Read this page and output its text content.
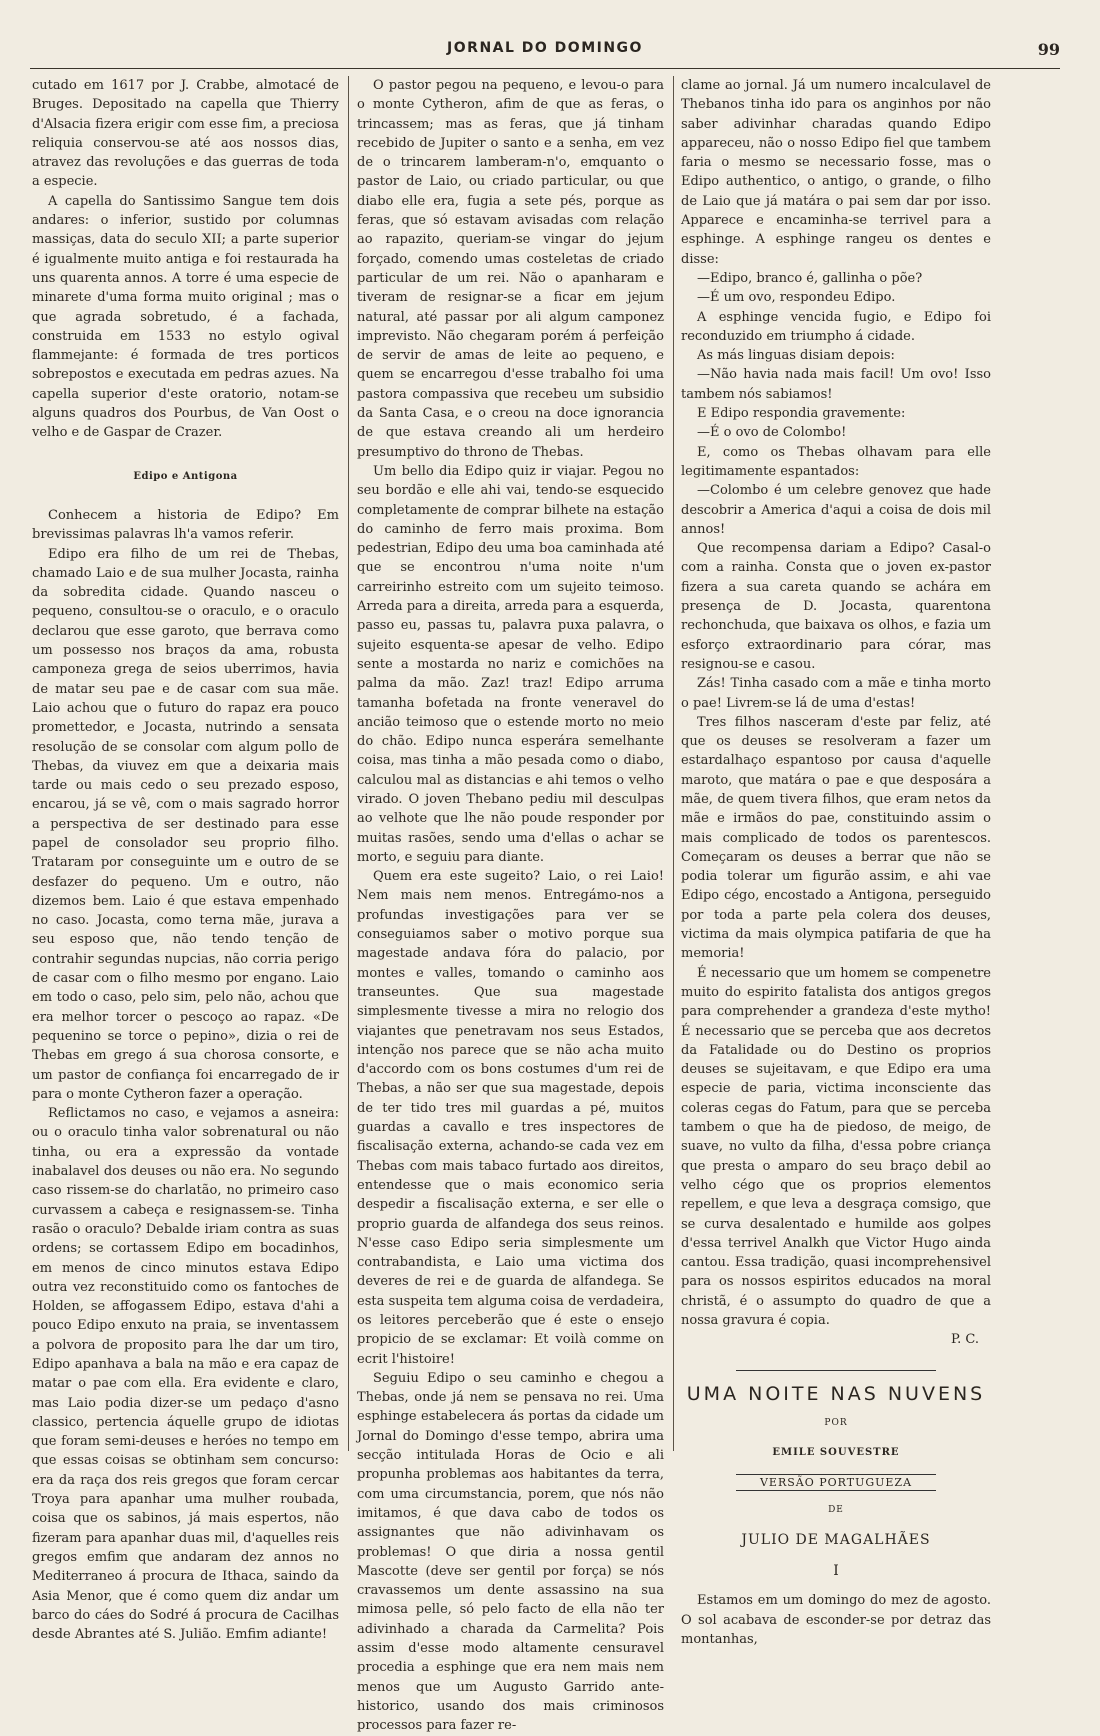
JORNAL DO DOMINGO	99

cutado em 1617 por J. Crabbe, almotacé de Bruges. Depositado na capella que Thierry d'Alsacia fizera erigir com esse fim, a preciosa reliquia conservou-se até aos nossos dias, atravez das revoluções e das guerras de toda a especie.

A capella do Santissimo Sangue tem dois andares: o inferior, sustido por columnas massiças, data do seculo XII; a parte superior é igualmente muito antiga e foi restaurada ha uns quarenta annos. A torre é uma especie de minarete d'uma forma muito original ; mas o que agrada sobretudo, é a fachada, construida em 1533 no estylo ogival flammejante: é formada de tres porticos sobrepostos e executada em pedras azues. Na capella superior d'este oratorio, notam-se alguns quadros dos Pourbus, de Van Oost o velho e de Gaspar de Crazer.

Edipo e Antigona

Conhecem a historia de Edipo? Em brevissimas palavras lh'a vamos referir.

Edipo era filho de um rei de Thebas, chamado Laio e de sua mulher Jocasta, rainha da sobredita cidade. Quando nasceu o pequeno, consultou-se o oraculo, e o oraculo declarou que esse garoto, que berrava como um possesso nos braços da ama, robusta camponeza grega de seios uberrimos, havia de matar seu pae e de casar com sua mãe. Laio achou que o futuro do rapaz era pouco promettedor, e Jocasta, nutrindo a sensata resolução de se consolar com algum pollo de Thebas, da viuvez em que a deixaria mais tarde ou mais cedo o seu prezado esposo, encarou, já se vê, com o mais sagrado horror a perspectiva de ser destinado para esse papel de consolador seu proprio filho. Trataram por conseguinte um e outro de se desfazer do pequeno. Um e outro, não dizemos bem. Laio é que estava empenhado no caso. Jocasta, como terna mãe, jurava a seu esposo que, não tendo tenção de contrahir segundas nupcias, não corria perigo de casar com o filho mesmo por engano. Laio em todo o caso, pelo sim, pelo não, achou que era melhor torcer o pescoço ao rapaz. «De pequenino se torce o pepino», dizia o rei de Thebas em grego á sua chorosa consorte, e um pastor de confiança foi encarregado de ir para o monte Cytheron fazer a operação.

Reflictamos no caso, e vejamos a asneira: ou o oraculo tinha valor sobrenatural ou não tinha, ou era a expressão da vontade inabalavel dos deuses ou não era. No segundo caso rissem-se do charlatão, no primeiro caso curvassem a cabeça e resignassem-se. Tinha rasão o oraculo? Debalde iriam contra as suas ordens; se cortassem Edipo em bocadinhos, em menos de cinco minutos estava Edipo outra vez reconstituido como os fantoches de Holden, se affogassem Edipo, estava d'ahi a pouco Edipo enxuto na praia, se inventassem a polvora de proposito para lhe dar um tiro, Edipo apanhava a bala na mão e era capaz de matar o pae com ella. Era evidente e claro, mas Laio podia dizer-se um pedaço d'asno classico, pertencia áquelle grupo de idiotas que foram semi-deuses e heróes no tempo em que essas coisas se obtinham sem concurso: era da raça dos reis gregos que foram cercar Troya para apanhar uma mulher roubada, coisa que os sabinos, já mais espertos, não fizeram para apanhar duas mil, d'aquelles reis gregos emfim que andaram dez annos no Mediterraneo á procura de Ithaca, saindo da Asia Menor, que é como quem diz andar um barco do cáes do Sodré á procura de Cacilhas desde Abrantes até S. Julião. Emfim adiante!

O pastor pegou na pequeno, e levou-o para o monte Cytheron, afim de que as feras, o trincassem; mas as feras, que já tinham recebido de Jupiter o santo e a senha, em vez de o trincarem lamberam-n'o, emquanto o pastor de Laio, ou criado particular, ou que diabo elle era, fugia a sete pés, porque as feras, que só estavam avisadas com relação ao rapazito, queriam-se vingar do jejum forçado, comendo umas costeletas de criado particular de um rei. Não o apanharam e tiveram de resignar-se a ficar em jejum natural, até passar por ali algum camponez imprevisto. Não chegaram porém á perfeição de servir de amas de leite ao pequeno, e quem se encarregou d'esse trabalho foi uma pastora compassiva que recebeu um subsidio da Santa Casa, e o creou na doce ignorancia de que estava creando ali um herdeiro presumptivo do throno de Thebas.

Um bello dia Edipo quiz ir viajar. Pegou no seu bordão e elle ahi vai, tendo-se esquecido completamente de comprar bilhete na estação do caminho de ferro mais proxima. Bom pedestrian, Edipo deu uma boa caminhada até que se encontrou n'uma noite n'um carreirinho estreito com um sujeito teimoso. Arreda para a direita, arreda para a esquerda, passo eu, passas tu, palavra puxa palavra, o sujeito esquenta-se apesar de velho. Edipo sente a mostarda no nariz e comichões na palma da mão. Zaz! traz! Edipo arruma tamanha bofetada na fronte veneravel do ancião teimoso que o estende morto no meio do chão. Edipo nunca esperára semelhante coisa, mas tinha a mão pesada como o diabo, calculou mal as distancias e ahi temos o velho virado. O joven Thebano pediu mil desculpas ao velhote que lhe não poude responder por muitas rasões, sendo uma d'ellas o achar se morto, e seguiu para diante.

Quem era este sugeito? Laio, o rei Laio! Nem mais nem menos. Entregámo-nos a profundas investigações para ver se conseguiamos saber o motivo porque sua magestade andava fóra do palacio, por montes e valles, tomando o caminho aos transeuntes. Que sua magestade simplesmente tivesse a mira no relogio dos viajantes que penetravam nos seus Estados, intenção nos parece que se não acha muito d'accordo com os bons costumes d'um rei de Thebas, a não ser que sua magestade, depois de ter tido tres mil guardas a pé, muitos guardas a cavallo e tres inspectores de fiscalisação externa, achando-se cada vez em Thebas com mais tabaco furtado aos direitos, entendesse que o mais economico seria despedir a fiscalisação externa, e ser elle o proprio guarda de alfandega dos seus reinos. N'esse caso Edipo seria simplesmente um contrabandista, e Laio uma victima dos deveres de rei e de guarda de alfandega. Se esta suspeita tem alguma coisa de verdadeira, os leitores perceberão que é este o ensejo propicio de se exclamar: Et voilà comme on ecrit l'histoire!

Seguiu Edipo o seu caminho e chegou a Thebas, onde já nem se pensava no rei. Uma esphinge estabelecera ás portas da cidade um Jornal do Domingo d'esse tempo, abrira uma secção intitulada Horas de Ocio e ali propunha problemas aos habitantes da terra, com uma circumstancia, porem, que nós não imitamos, é que dava cabo de todos os assignantes que não adivinhavam os problemas! O que diria a nossa gentil Mascotte (deve ser gentil por força) se nós cravassemos um dente assassino na sua mimosa pelle, só pelo facto de ella não ter adivinhado a charada da Carmelita? Pois assim d'esse modo altamente censuravel procedia a esphinge que era nem mais nem menos que um Augusto Garrido ante-historico, usando dos mais criminosos processos para fazer re-

clame ao jornal. Já um numero incalculavel de Thebanos tinha ido para os anginhos por não saber adivinhar charadas quando Edipo appareceu, não o nosso Edipo fiel que tambem faria o mesmo se necessario fosse, mas o Edipo authentico, o antigo, o grande, o filho de Laio que já matára o pai sem dar por isso. Apparece e encaminha-se terrivel para a esphinge. A esphinge rangeu os dentes e disse:

—Edipo, branco é, gallinha o põe?

—É um ovo, respondeu Edipo.

A esphinge vencida fugio, e Edipo foi reconduzido em triumpho á cidade.

As más linguas disiam depois:

—Não havia nada mais facil! Um ovo! Isso tambem nós sabiamos!

E Edipo respondia gravemente:

—É o ovo de Colombo!

E, como os Thebas olhavam para elle legitimamente espantados:

—Colombo é um celebre genovez que hade descobrir a America d'aqui a coisa de dois mil annos!

Que recompensa dariam a Edipo? Casal-o com a rainha. Consta que o joven ex-pastor fizera a sua careta quando se achára em presença de D. Jocasta, quarentona rechonchuda, que baixava os olhos, e fazia um esforço extraordinario para córar, mas resignou-se e casou.

Zás! Tinha casado com a mãe e tinha morto o pae! Livrem-se lá de uma d'estas!

Tres filhos nasceram d'este par feliz, até que os deuses se resolveram a fazer um estardalhaço espantoso por causa d'aquelle maroto, que matára o pae e que desposára a mãe, de quem tivera filhos, que eram netos da mãe e irmãos do pae, constituindo assim o mais complicado de todos os parentescos. Começaram os deuses a berrar que não se podia tolerar um figurão assim, e ahi vae Edipo cégo, encostado a Antigona, perseguido por toda a parte pela colera dos deuses, victima da mais olympica patifaria de que ha memoria!

É necessario que um homem se compenetre muito do espirito fatalista dos antigos gregos para comprehender a grandeza d'este mytho! É necessario que se perceba que aos decretos da Fatalidade ou do Destino os proprios deuses se sujeitavam, e que Edipo era uma especie de paria, victima inconsciente das coleras cegas do Fatum, para que se perceba tambem o que ha de piedoso, de meigo, de suave, no vulto da filha, d'essa pobre criança que presta o amparo do seu braço debil ao velho cégo que os proprios elementos repellem, e que leva a desgraça comsigo, que se curva desalentado e humilde aos golpes d'essa terrivel Analkh que Victor Hugo ainda cantou. Essa tradição, quasi incomprehensivel para os nossos espiritos educados na moral christã, é o assumpto do quadro de que a nossa gravura é copia.

P. C.
UMA NOITE NAS NUVENS
POR
EMILE SOUVESTRE
VERSÃO PORTUGUEZA
DE
JULIO DE MAGALHÃES
I

Estamos em um domingo do mez de agosto. O sol acabava de esconder-se por detraz das montanhas,
